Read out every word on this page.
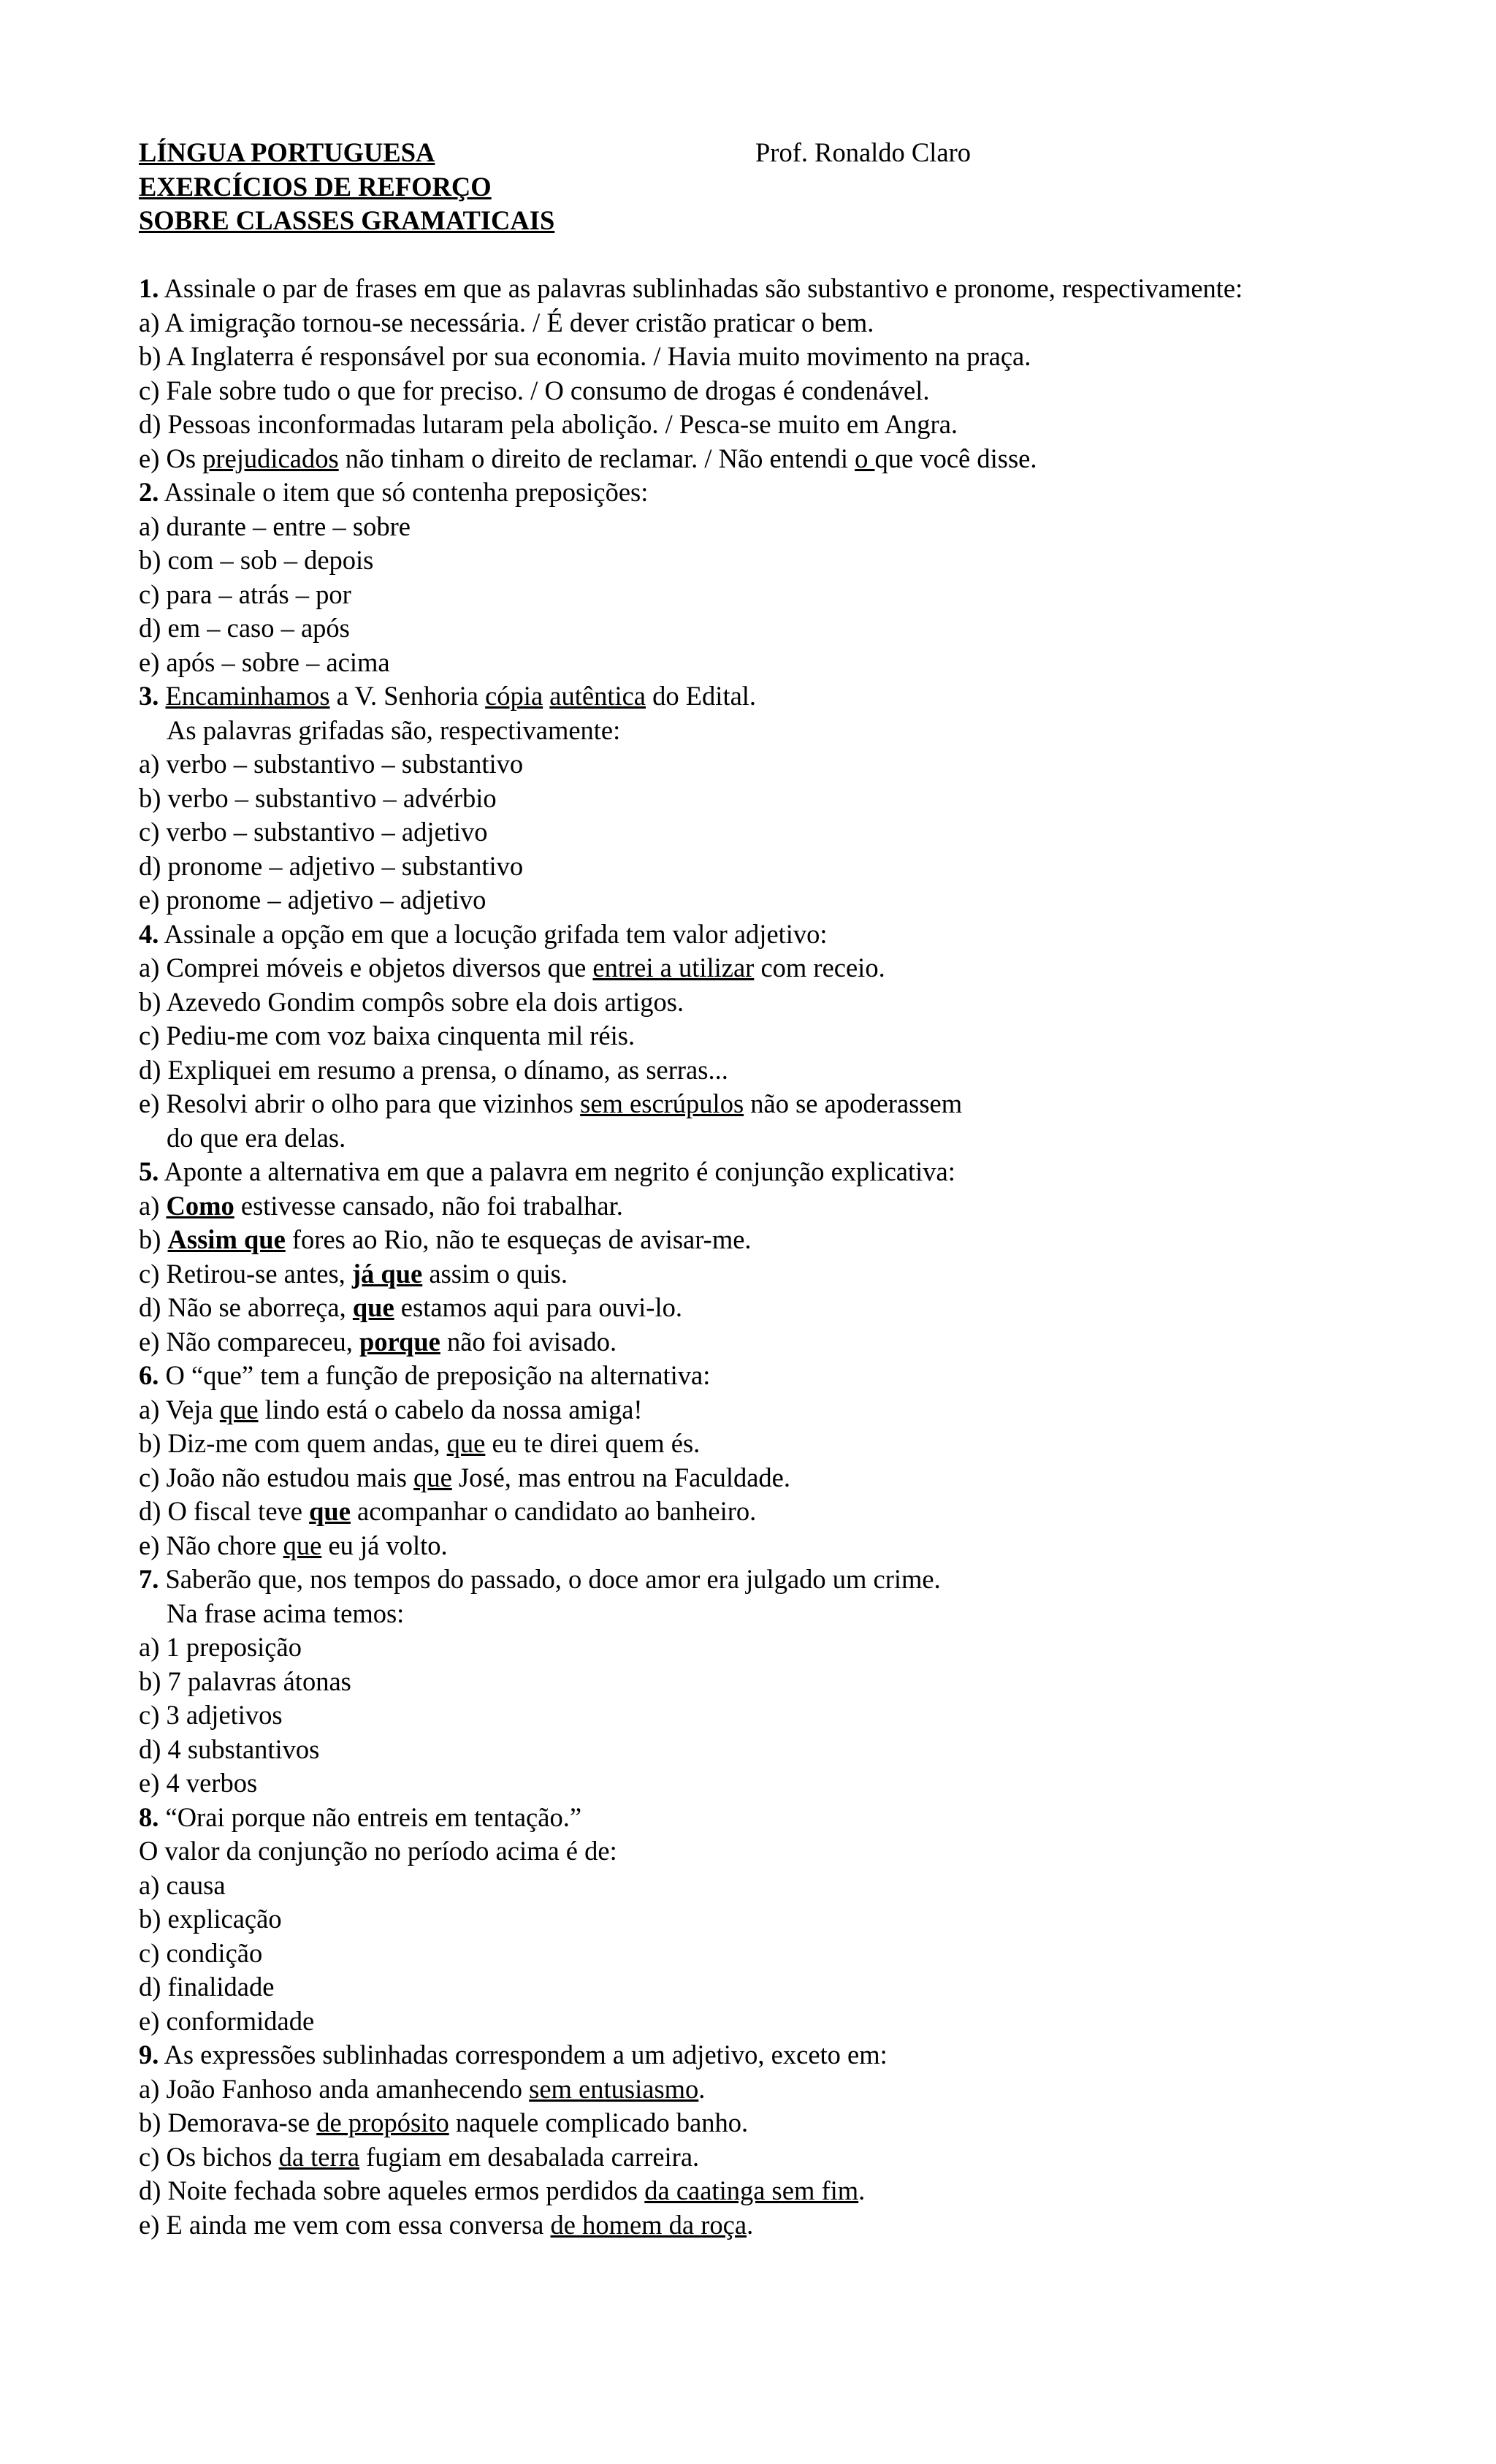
LÍNGUA PORTUGUESA	Prof. Ronaldo Claro
EXERCÍCIOS DE REFORÇO
SOBRE CLASSES GRAMATICAIS
1. Assinale o par de frases em que as palavras sublinhadas são substantivo e pronome, respectivamente:
a) A imigração tornou-se necessária. / É dever cristão praticar o bem.
b) A Inglaterra é responsável por sua economia. / Havia muito movimento na praça.
c) Fale sobre tudo o que for preciso. / O consumo de drogas é condenável.
d) Pessoas inconformadas lutaram pela abolição. / Pesca-se muito em Angra.
e) Os prejudicados não tinham o direito de reclamar. / Não entendi o que você disse.
2. Assinale o item que só contenha preposições:
a) durante – entre – sobre
b) com – sob – depois
c) para – atrás – por
d) em – caso – após
e) após – sobre – acima
3. Encaminhamos a V. Senhoria cópia autêntica do Edital.
As palavras grifadas são, respectivamente:
a) verbo – substantivo – substantivo
b) verbo – substantivo – advérbio
c) verbo – substantivo – adjetivo
d) pronome – adjetivo – substantivo
e) pronome – adjetivo – adjetivo
4. Assinale a opção em que a locução grifada tem valor adjetivo:
a) Comprei móveis e objetos diversos que entrei a utilizar com receio.
b) Azevedo Gondim compôs sobre ela dois artigos.
c) Pediu-me com voz baixa cinquenta mil réis.
d) Expliquei em resumo a prensa, o dínamo, as serras...
e) Resolvi abrir o olho para que vizinhos sem escrúpulos não se apoderassem
do que era delas.
5. Aponte a alternativa em que a palavra em negrito é conjunção explicativa:
a) Como estivesse cansado, não foi trabalhar.
b) Assim que fores ao Rio, não te esqueças de avisar-me.
c) Retirou-se antes, já que assim o quis.
d) Não se aborreça, que estamos aqui para ouvi-lo.
e) Não compareceu, porque não foi avisado.
6. O “que” tem a função de preposição na alternativa:
a) Veja que lindo está o cabelo da nossa amiga!
b) Diz-me com quem andas, que eu te direi quem és.
c) João não estudou mais que José, mas entrou na Faculdade.
d) O fiscal teve que acompanhar o candidato ao banheiro.
e) Não chore que eu já volto.
7. Saberão que, nos tempos do passado, o doce amor era julgado um crime.
Na frase acima temos:
a) 1 preposição
b) 7 palavras átonas
c) 3 adjetivos
d) 4 substantivos
e) 4 verbos
8. “Orai porque não entreis em tentação.”
O valor da conjunção no período acima é de:
a) causa
b) explicação
c) condição
d) finalidade
e) conformidade
9. As expressões sublinhadas correspondem a um adjetivo, exceto em:
a) João Fanhoso anda amanhecendo sem entusiasmo.
b) Demorava-se de propósito naquele complicado banho.
c) Os bichos da terra fugiam em desabalada carreira.
d) Noite fechada sobre aqueles ermos perdidos da caatinga sem fim.
e) E ainda me vem com essa conversa de homem da roça.
